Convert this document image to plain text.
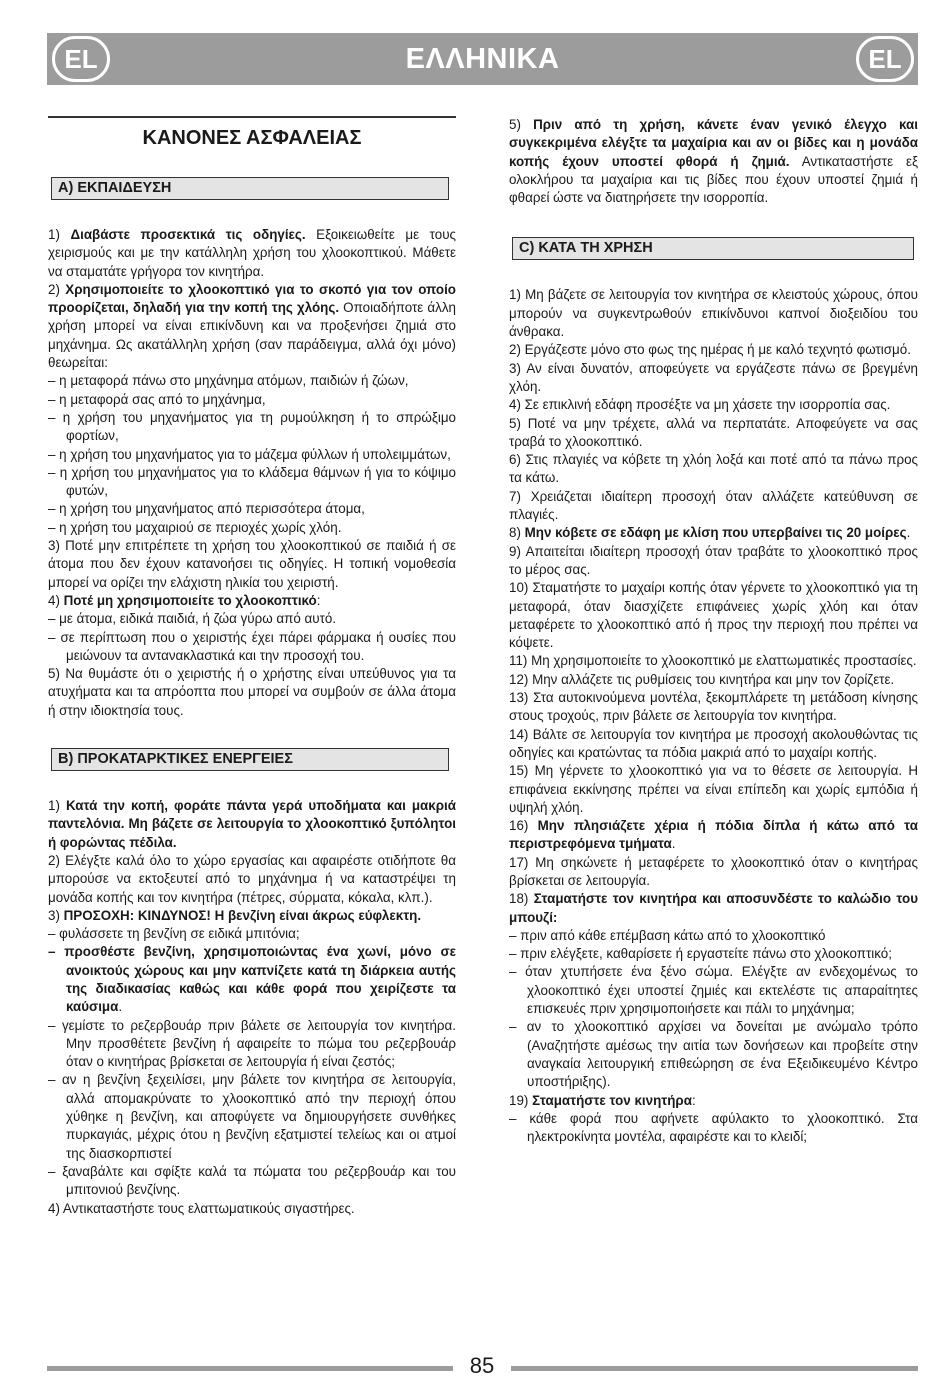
ΕΛΛΗΝΙΚΑ
EL	EL
ΚΑΝΟΝΕΣ ΑΣΦΑΛΕΙΑΣ
A) ΕΚΠΑΙΔΕΥΣΗ

1) Διαβάστε προσεκτικά τις οδηγίες. Εξοικειωθείτε με τους χειρισμούς και με την κατάλληλη χρήση του χλοοκοπτικού. Μάθετε να σταματάτε γρήγορα τον κινητήρα.

2) Χρησιμοποιείτε το χλοοκοπτικό για το σκοπό για τον οποίο προορίζεται, δηλαδή για την κοπή της χλόης. Οποιαδήποτε άλλη χρήση μπορεί να είναι επικίνδυνη και να προξενήσει ζημιά στο μηχάνημα. Ως ακατάλληλη χρήση (σαν παράδειγμα, αλλά όχι μόνο) θεωρείται:

– η μεταφορά πάνω στο μηχάνημα ατόμων, παιδιών ή ζώων,

– η μεταφορά σας από το μηχάνημα,

– η χρήση του μηχανήματος για τη ρυμούλκηση ή το σπρώξιμο φορτίων,

– η χρήση του μηχανήματος για το μάζεμα φύλλων ή υπολειμμάτων,

– η χρήση του μηχανήματος για το κλάδεμα θάμνων ή για το κόψιμο φυτών,

– η χρήση του μηχανήματος από περισσότερα άτομα,

– η χρήση του μαχαιριού σε περιοχές χωρίς χλόη.

3) Ποτέ μην επιτρέπετε τη χρήση του χλοοκοπτικού σε παιδιά ή σε άτομα που δεν έχουν κατανοήσει τις οδηγίες. Η τοπική νομοθεσία μπορεί να ορίζει την ελάχιστη ηλικία του χειριστή.

4) Ποτέ μη χρησιμοποιείτε το χλοοκοπτικό:

– με άτομα, ειδικά παιδιά, ή ζώα γύρω από αυτό.

– σε περίπτωση που ο χειριστής έχει πάρει φάρμακα ή ουσίες που μειώνουν τα αντανακλαστικά και την προσοχή του.

5) Να θυμάστε ότι ο χειριστής ή ο χρήστης είναι υπεύθυνος για τα ατυχήματα και τα απρόοπτα που μπορεί να συμβούν σε άλλα άτομα ή στην ιδιοκτησία τους.

B) ΠΡΟΚΑΤΑΡΚΤΙΚΕΣ ΕΝΕΡΓΕΙΕΣ

1) Κατά την κοπή, φοράτε πάντα γερά υποδήματα και μακριά παντελόνια. Μη βάζετε σε λειτουργία το χλοοκοπτικό ξυπόλητοι ή φορώντας πέδιλα.

2) Ελέγξτε καλά όλο το χώρο εργασίας και αφαιρέστε οτιδήποτε θα μπορούσε να εκτοξευτεί από το μηχάνημα ή να καταστρέψει τη μονάδα κοπής και τον κινητήρα (πέτρες, σύρματα, κόκαλα, κλπ.).

3) ΠΡΟΣΟΧΗ: ΚΙΝΔΥΝΟΣ! Η βενζίνη είναι άκρως εύφλεκτη.

– φυλάσσετε τη βενζίνη σε ειδικά μπιτόνια;

– προσθέστε βενζίνη, χρησιμοποιώντας ένα χωνί, μόνο σε ανοικτούς χώρους και μην καπνίζετε κατά τη διάρκεια αυτής της διαδικασίας καθώς και κάθε φορά που χειρίζεστε τα καύσιμα.

– γεμίστε το ρεζερβουάρ πριν βάλετε σε λειτουργία τον κινητήρα. Μην προσθέτετε βενζίνη ή αφαιρείτε το πώμα του ρεζερβουάρ όταν ο κινητήρας βρίσκεται σε λειτουργία ή είναι ζεστός;

– αν η βενζίνη ξεχειλίσει, μην βάλετε τον κινητήρα σε λειτουργία, αλλά απομακρύνατε το χλοοκοπτικό από την περιοχή όπου χύθηκε η βενζίνη, και αποφύγετε να δημιουργήσετε συνθήκες πυρκαγιάς, μέχρις ότου η βενζίνη εξατμιστεί τελείως και οι ατμοί της διασκορπιστεί

– ξαναβάλτε και σφίξτε καλά τα πώματα του ρεζερβουάρ και του μπιτονιού βενζίνης.

4) Αντικαταστήστε τους ελαττωματικούς σιγαστήρες.

5) Πριν από τη χρήση, κάνετε έναν γενικό έλεγχο και συγκεκριμένα ελέγξτε τα μαχαίρια και αν οι βίδες και η μονάδα κοπής έχουν υποστεί φθορά ή ζημιά. Αντικαταστήστε εξ ολοκλήρου τα μαχαίρια και τις βίδες που έχουν υποστεί ζημιά ή φθαρεί ώστε να διατηρήσετε την ισορροπία.

C) ΚΑΤΑ ΤΗ ΧΡΗΣΗ

1) Μη βάζετε σε λειτουργία τον κινητήρα σε κλειστούς χώρους, όπου μπορούν να συγκεντρωθούν επικίνδυνοι καπνοί διοξειδίου του άνθρακα.

2) Εργάζεστε μόνο στο φως της ημέρας ή με καλό τεχνητό φωτισμό.

3) Αν είναι δυνατόν, αποφεύγετε να εργάζεστε πάνω σε βρεγμένη χλόη.

4) Σε επικλινή εδάφη προσέξτε να μη χάσετε την ισορροπία σας.

5) Ποτέ να μην τρέχετε, αλλά να περπατάτε. Αποφεύγετε να σας τραβά το χλοοκοπτικό.

6) Στις πλαγιές να κόβετε τη χλόη λοξά και ποτέ από τα πάνω προς τα κάτω.

7) Χρειάζεται ιδιαίτερη προσοχή όταν αλλάζετε κατεύθυνση σε πλαγιές.

8) Μην κόβετε σε εδάφη με κλίση που υπερβαίνει τις 20 μοίρες.

9) Απαιτείται ιδιαίτερη προσοχή όταν τραβάτε το χλοοκοπτικό προς το μέρος σας.

10) Σταματήστε το μαχαίρι κοπής όταν γέρνετε το χλοοκοπτικό για τη μεταφορά, όταν διασχίζετε επιφάνειες χωρίς χλόη και όταν μεταφέρετε το χλοοκοπτικό από ή προς την περιοχή που πρέπει να κόψετε.

11) Μη χρησιμοποιείτε το χλοοκοπτικό με ελαττωματικές προστασίες.

12) Μην αλλάζετε τις ρυθμίσεις του κινητήρα και μην τον ζορίζετε.

13) Στα αυτοκινούμενα μοντέλα, ξεκομπλάρετε τη μετάδοση κίνησης στους τροχούς, πριν βάλετε σε λειτουργία τον κινητήρα.

14) Βάλτε σε λειτουργία τον κινητήρα με προσοχή ακολουθώντας τις οδηγίες και κρατώντας τα πόδια μακριά από το μαχαίρι κοπής.

15) Μη γέρνετε το χλοοκοπτικό για να το θέσετε σε λειτουργία. Η επιφάνεια εκκίνησης πρέπει να είναι επίπεδη και χωρίς εμπόδια ή υψηλή χλόη.

16) Μην πλησιάζετε χέρια ή πόδια δίπλα ή κάτω από τα περιστρεφόμενα τμήματα.

17) Μη σηκώνετε ή μεταφέρετε το χλοοκοπτικό όταν ο κινητήρας βρίσκεται σε λειτουργία.

18) Σταματήστε τον κινητήρα και αποσυνδέστε το καλώδιο του μπουζί:

– πριν από κάθε επέμβαση κάτω από το χλοοκοπτικό

– πριν ελέγξετε, καθαρίσετε ή εργαστείτε πάνω στο χλοοκοπτικό;

– όταν χτυπήσετε ένα ξένο σώμα. Ελέγξτε αν ενδεχομένως το χλοοκοπτικό έχει υποστεί ζημιές και εκτελέστε τις απαραίτητες επισκευές πριν χρησιμοποιήσετε και πάλι το μηχάνημα;

– αν το χλοοκοπτικό αρχίσει να δονείται με ανώμαλο τρόπο (Αναζητήστε αμέσως την αιτία των δονήσεων και προβείτε στην αναγκαία λειτουργική επιθεώρηση σε ένα Εξειδικευμένο Κέντρο υποστήριξης).

19) Σταματήστε τον κινητήρα:

– κάθε φορά που αφήνετε αφύλακτο το χλοοκοπτικό. Στα ηλεκτροκίνητα μοντέλα, αφαιρέστε και το κλειδί;

85
